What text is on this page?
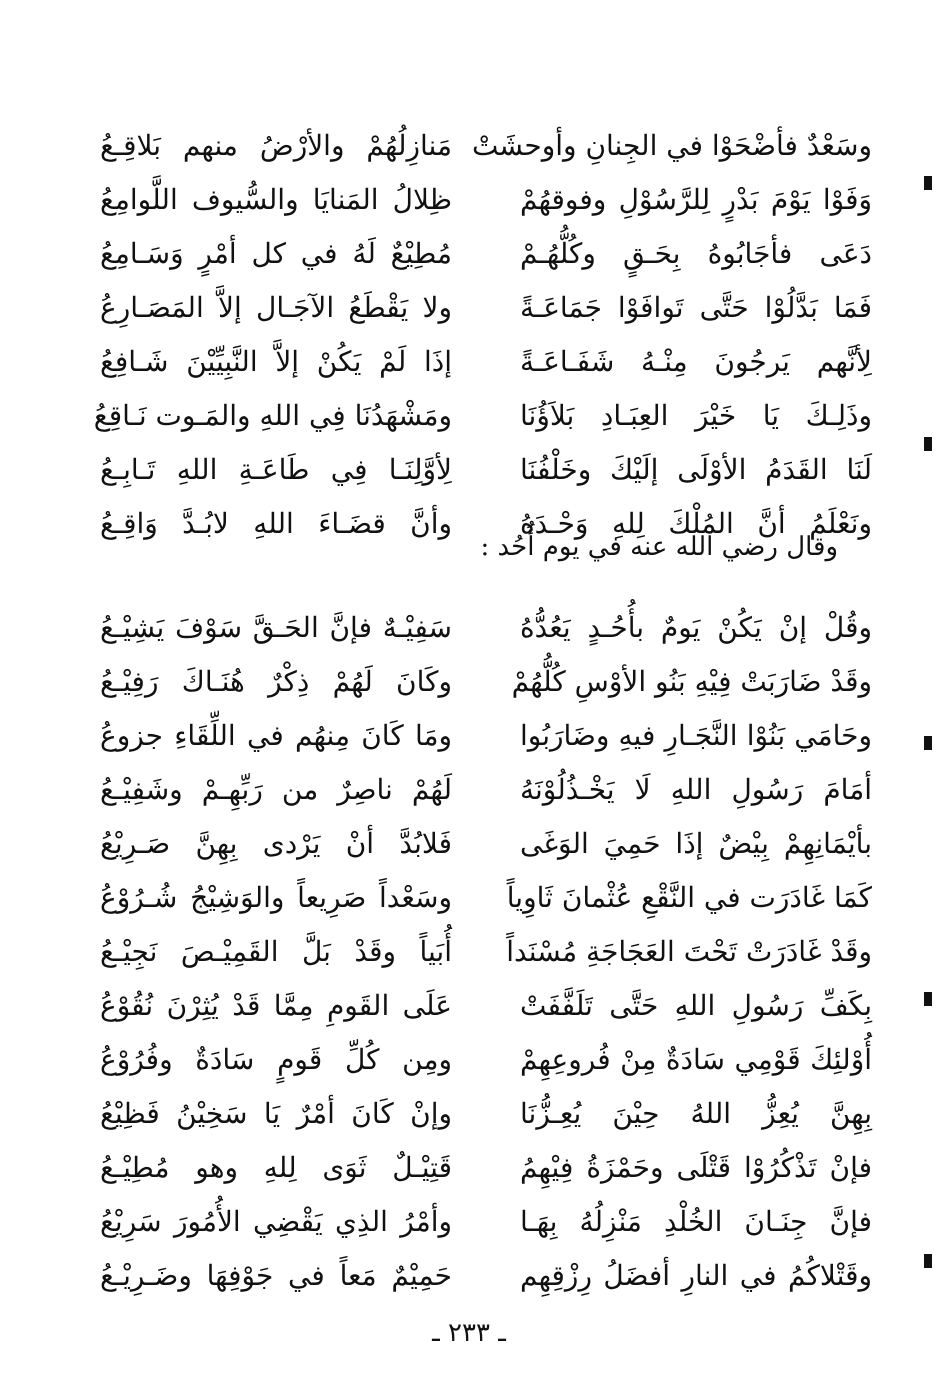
وسَعْدٌ فأضْحَوْا في الجِنانِ وأوحشَتْ
مَنازِلُهُمْ والأرْضُ منهم بَلاقِـعُ
وَفَوْا يَوْمَ بَدْرٍ لِلرَّسُوْلِ وفوقهُمْ
ظِلالُ المَنايَا والسُّيوف اللَّوامِعُ
دَعَى فأجَابُوهُ بِحَـقٍ وكُلُّهُـمْ
مُطِيْعٌ لَهُ في كل أمْرٍ وَسَـامِعُ
فَمَا بَدَّلُوْا حَتَّى تَوافَوْا جَمَاعَـةً
ولا يَقْطَعُ الآجَـال إلاَّ المَصَـارِعُ
لِأنَّهم يَرجُونَ مِنْـهُ شَفَـاعَـةً
إذَا لَمْ يَكُنْ إلاَّ النَّبِيِّيْنَ شَـافِعُ
وذَلِـكَ يَا خَيْرَ العِبَـادِ بَلاَؤُنَا
ومَشْهَدُنَا فِي اللهِ والمَـوت نَـاقِعُ
لَنَا القَدَمُ الأوْلَى إلَيْكَ وخَلْفُنَا
لِأوَّلِنَـا فِي طَاعَـةِ اللهِ تَـابِـعُ
ونَعْلَمُ أنَّ المُلْكَ لِلهِ وَحْـدَهُ
وأنَّ قضَـاءَ اللهِ لابُـدَّ وَاقِـعُ
وقال رضي الله عنه في يوم أُحُد :
وقُلْ إنْ يَكُنْ يَومٌ بأُحُـدٍ يَعُدُّهُ
سَفِيْـهٌ فإنَّ الحَـقَّ سَوْفَ يَشِيْـعُ
وقَدْ ضَارَبَتْ فِيْهِ بَنُو الأوْسِ كُلُّهُمْ
وكَانَ لَهُمْ ذِكْرٌ هُنَـاكَ رَفِيْـعُ
وحَامَي بَنُوْا النَّجَـارِ فيهِ وضَارَبُوا
ومَا كَانَ مِنهُم في اللِّقَاءِ جزوعُ
أمَامَ رَسُولِ اللهِ لَا يَخْـذُلُوْنَهُ
لَهُمْ ناصِرٌ من رَبِّهِـمْ وشَفِيْـعُ
بأيْمَانِهِمْ بِيْضٌ إذَا حَمِيَ الوَغَى
فَلابُدَّ أنْ يَرْدى بِهِنَّ صَـرِيْعُ
كَمَا غَادَرَت في النَّقْعِ عُثْمانَ ثَاوِياً
وسَعْداً صَرِيعاً والوَشِيْجُ شُـرُوْعُ
وقَدْ غَادَرَتْ تَحْتَ العَجَاجَةِ مُسْنَداً
أُبَياً وقَدْ بَلَّ القَمِيْـصَ نَجِيْـعُ
بِكَفِّ رَسُولِ اللهِ حَتَّى تَلَفَّفَتْ
عَلَى القَومِ مِمَّا قَدْ يُثِرْنَ نُقُوْعُ
أُوْلئِكَ قَوْمِي سَادَةٌ مِنْ فُروعِهِمْ
ومِن كُلِّ قَومٍ سَادَةٌ وفُرُوْعُ
بِهِنَّ يُعِزُّ اللهُ حِيْنَ يُعِـزُّنَا
وإنْ كَانَ أمْرٌ يَا سَخِيْنُ فَظِيْعُ
فإنْ تَذْكُرُوْا قَتْلَى وحَمْزَةُ فِيْهِمُ
قَتِيْـلٌ ثَوَى لِلهِ وهو مُطِيْـعُ
فإنَّ جِنَـانَ الخُلْدِ مَنْزِلُهُ بِهَـا
وأمْرُ الذِي يَقْضِي الأُمُورَ سَرِيْعُ
وقَتْلاكُمُ في النارِ أفضَلُ رِزْقِهِم
حَمِيْمٌ مَعاً في جَوْفِهَا وضَـرِيْـعُ
ـ ٢٣٣ ـ
